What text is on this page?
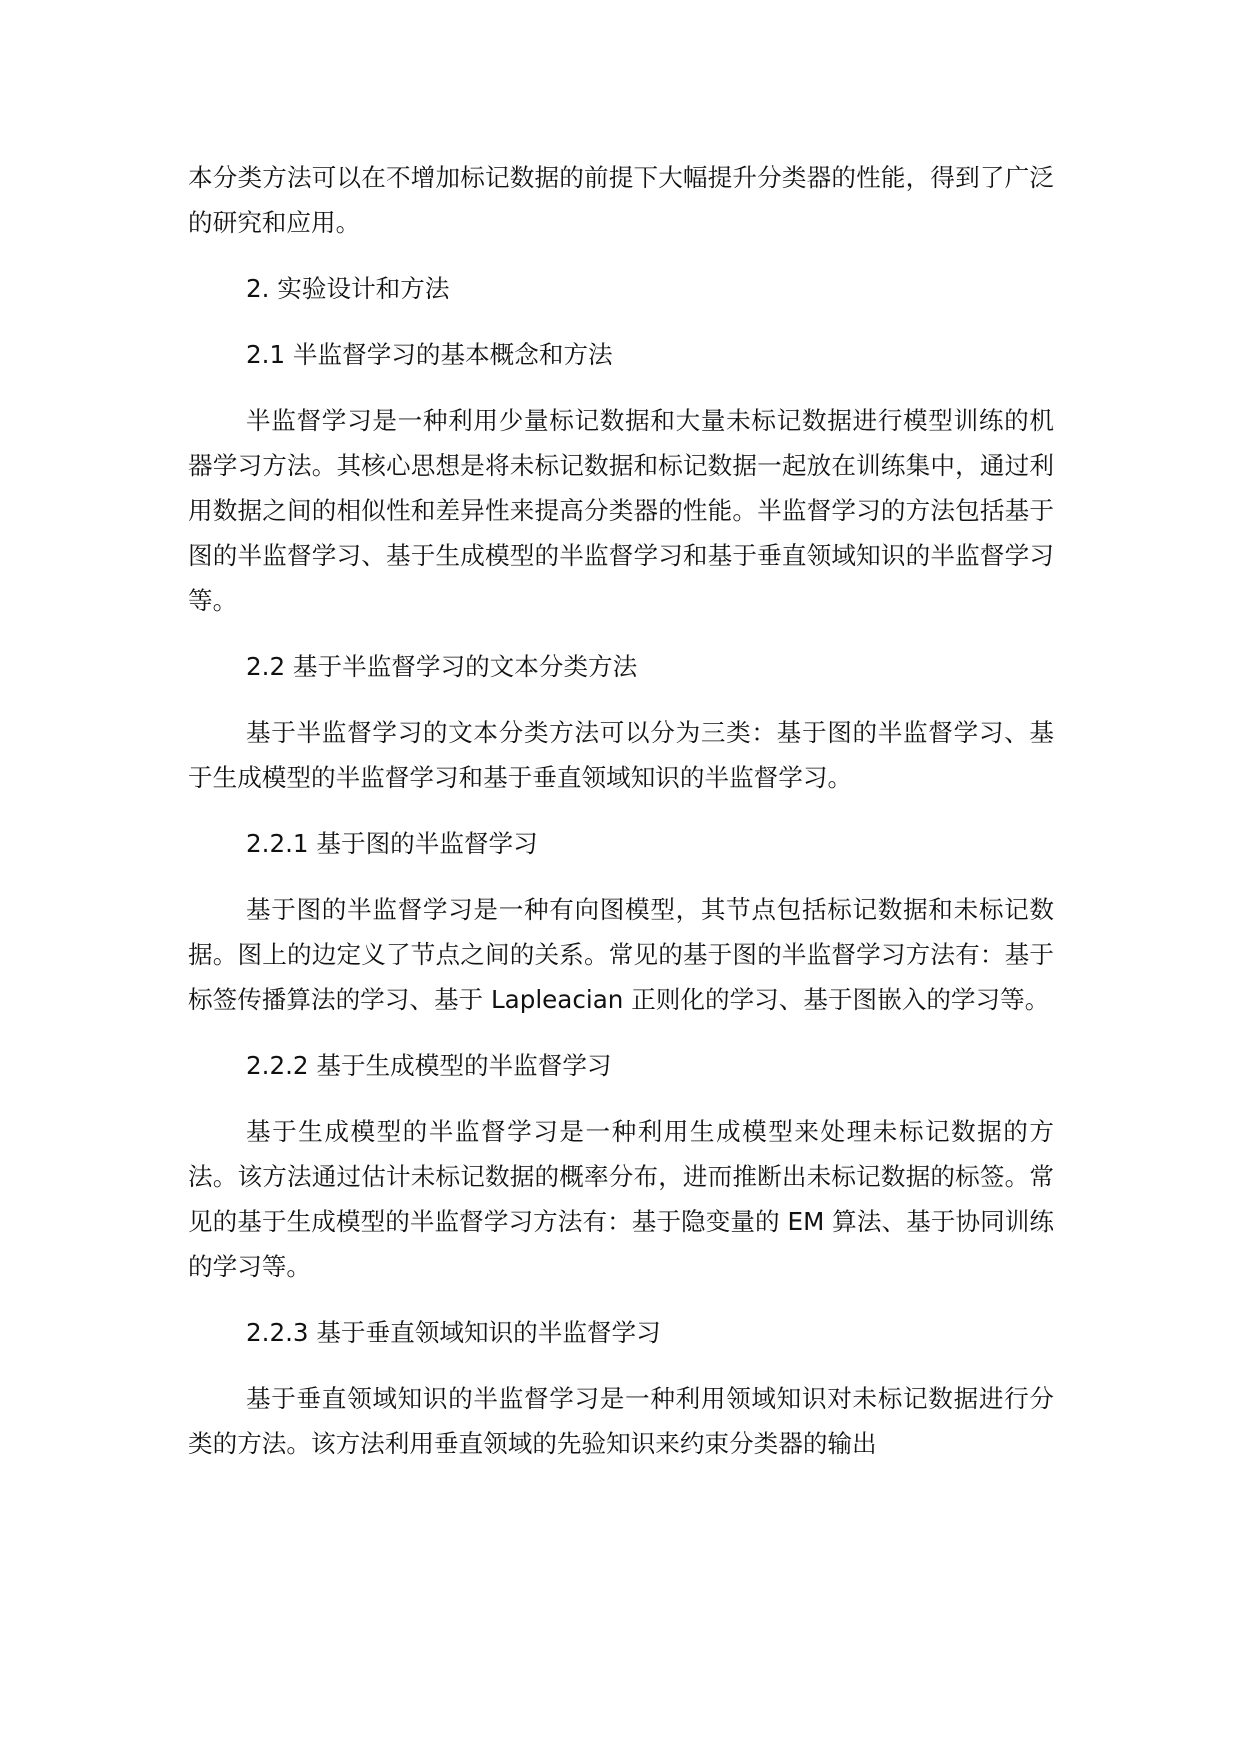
本分类方法可以在不增加标记数据的前提下大幅提升分类器的性能，得到了广泛的研究和应用。

2. 实验设计和方法

2.1 半监督学习的基本概念和方法

半监督学习是一种利用少量标记数据和大量未标记数据进行模型训练的机器学习方法。其核心思想是将未标记数据和标记数据一起放在训练集中，通过利用数据之间的相似性和差异性来提高分类器的性能。半监督学习的方法包括基于图的半监督学习、基于生成模型的半监督学习和基于垂直领域知识的半监督学习等。

2.2 基于半监督学习的文本分类方法

基于半监督学习的文本分类方法可以分为三类：基于图的半监督学习、基于生成模型的半监督学习和基于垂直领域知识的半监督学习。

2.2.1 基于图的半监督学习

基于图的半监督学习是一种有向图模型，其节点包括标记数据和未标记数据。图上的边定义了节点之间的关系。常见的基于图的半监督学习方法有：基于标签传播算法的学习、基于 Lapleacian 正则化的学习、基于图嵌入的学习等。

2.2.2 基于生成模型的半监督学习

基于生成模型的半监督学习是一种利用生成模型来处理未标记数据的方法。该方法通过估计未标记数据的概率分布，进而推断出未标记数据的标签。常见的基于生成模型的半监督学习方法有：基于隐变量的 EM 算法、基于协同训练的学习等。

2.2.3 基于垂直领域知识的半监督学习

基于垂直领域知识的半监督学习是一种利用领域知识对未标记数据进行分类的方法。该方法利用垂直领域的先验知识来约束分类器的输出
